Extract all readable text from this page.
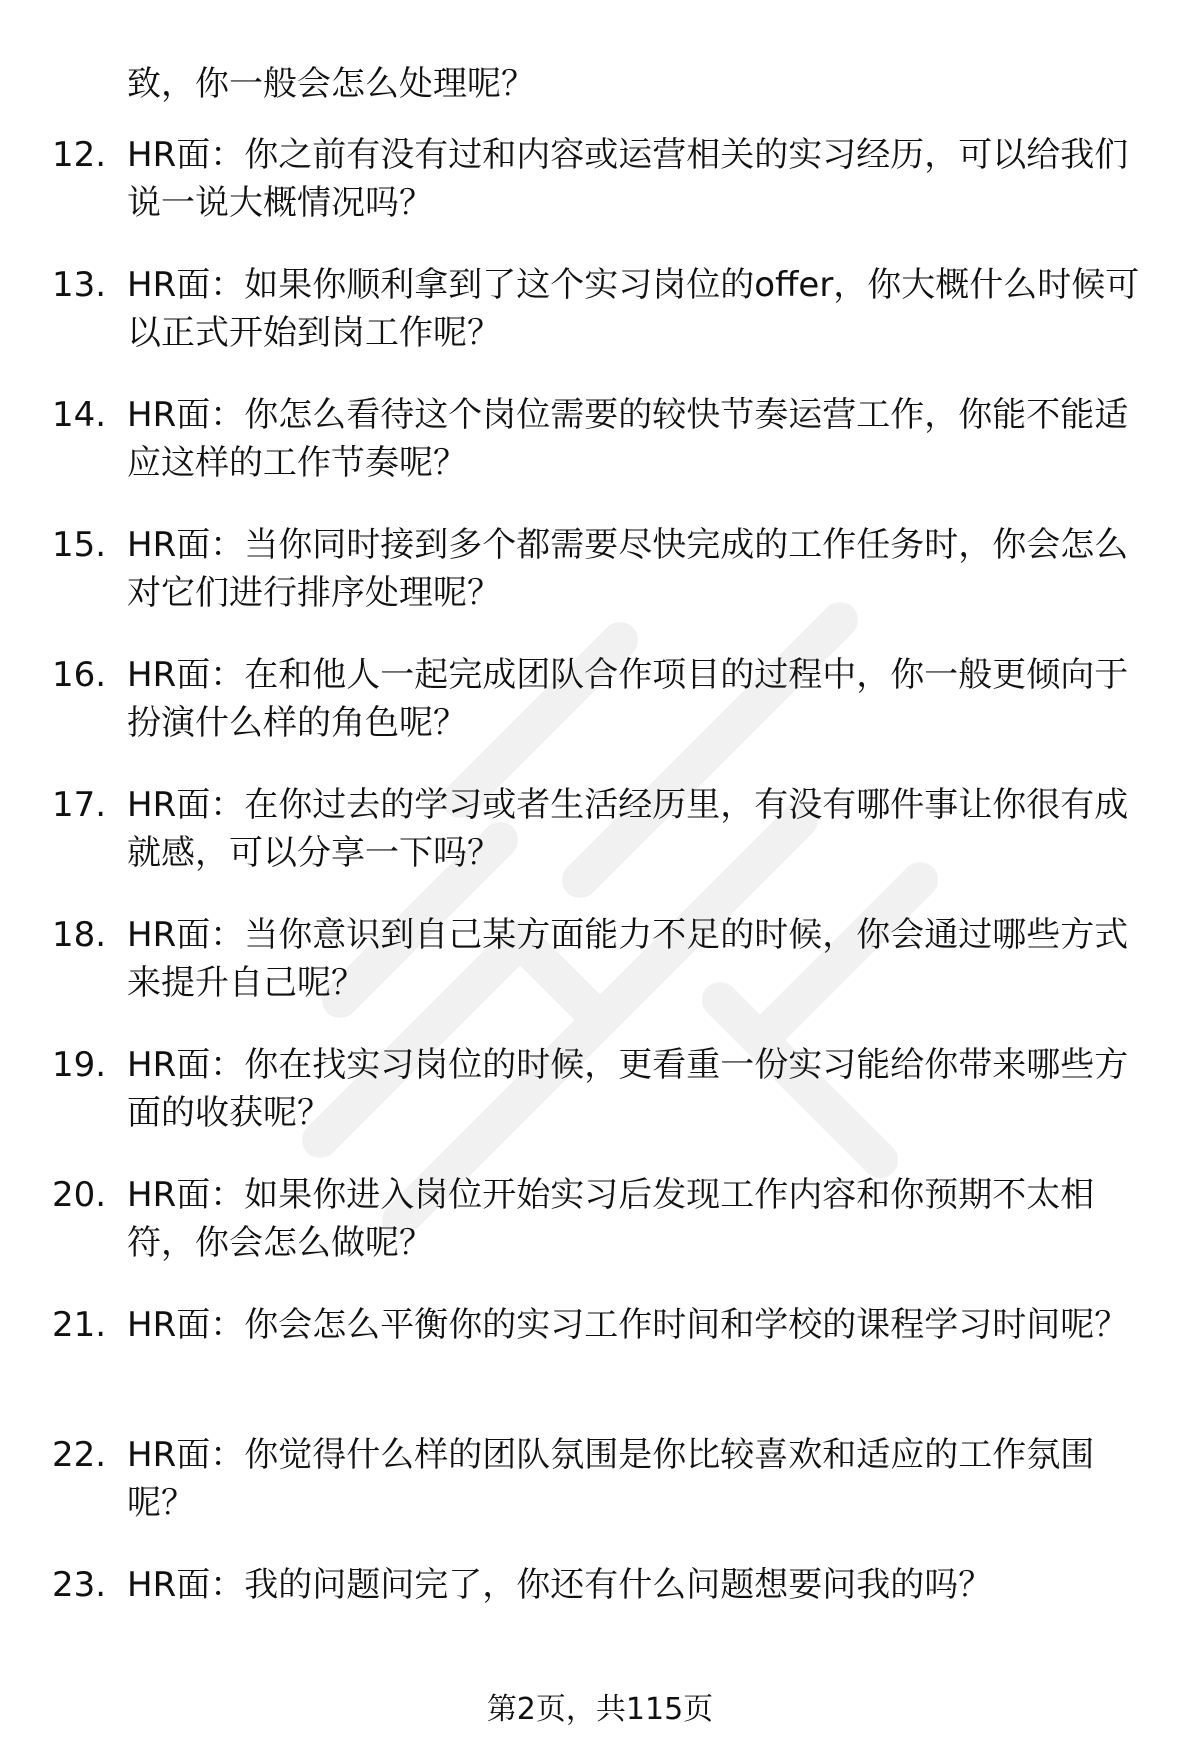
致，你一般会怎么处理呢？

12. HR面：你之前有没有过和内容或运营相关的实习经历，可以给我们说一说大概情况吗？

13. HR面：如果你顺利拿到了这个实习岗位的offer，你大概什么时候可以正式开始到岗工作呢？

14. HR面：你怎么看待这个岗位需要的较快节奏运营工作，你能不能适应这样的工作节奏呢？

15. HR面：当你同时接到多个都需要尽快完成的工作任务时，你会怎么对它们进行排序处理呢？

16. HR面：在和他人一起完成团队合作项目的过程中，你一般更倾向于扮演什么样的角色呢？

17. HR面：在你过去的学习或者生活经历里，有没有哪件事让你很有成就感，可以分享一下吗？

18. HR面：当你意识到自己某方面能力不足的时候，你会通过哪些方式来提升自己呢？

19. HR面：你在找实习岗位的时候，更看重一份实习能给你带来哪些方面的收获呢？

20. HR面：如果你进入岗位开始实习后发现工作内容和你预期不太相符，你会怎么做呢？

21. HR面：你会怎么平衡你的实习工作时间和学校的课程学习时间呢？

22. HR面：你觉得什么样的团队氛围是你比较喜欢和适应的工作氛围呢？

23. HR面：我的问题问完了，你还有什么问题想要问我的吗？

第2页，共115页
